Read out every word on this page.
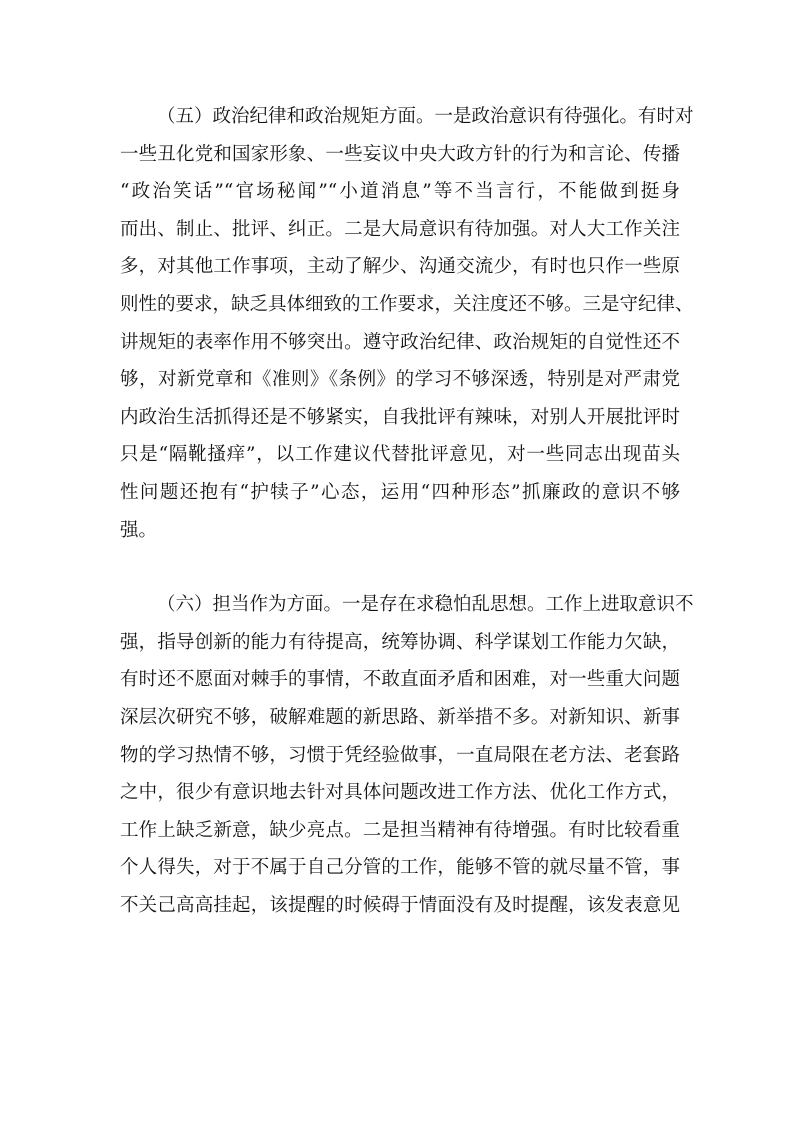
（五）政治纪律和政治规矩方面。一是政治意识有待强化。有时对
一些丑化党和国家形象、一些妄议中央大政方针的行为和言论、传播
“政治笑话”“官场秘闻”“小道消息”等不当言行，不能做到挺身
而出、制止、批评、纠正。二是大局意识有待加强。对人大工作关注
多，对其他工作事项，主动了解少、沟通交流少，有时也只作一些原
则性的要求，缺乏具体细致的工作要求，关注度还不够。三是守纪律、
讲规矩的表率作用不够突出。遵守政治纪律、政治规矩的自觉性还不
够，对新党章和《准则》《条例》的学习不够深透，特别是对严肃党
内政治生活抓得还是不够紧实，自我批评有辣味，对别人开展批评时
只是“隔靴搔痒”，以工作建议代替批评意见，对一些同志出现苗头
性问题还抱有“护犊子”心态，运用“四种形态”抓廉政的意识不够
强。
（六）担当作为方面。一是存在求稳怕乱思想。工作上进取意识不
强，指导创新的能力有待提高，统筹协调、科学谋划工作能力欠缺，
有时还不愿面对棘手的事情，不敢直面矛盾和困难，对一些重大问题
深层次研究不够，破解难题的新思路、新举措不多。对新知识、新事
物的学习热情不够，习惯于凭经验做事，一直局限在老方法、老套路
之中，很少有意识地去针对具体问题改进工作方法、优化工作方式，
工作上缺乏新意，缺少亮点。二是担当精神有待增强。有时比较看重
个人得失，对于不属于自己分管的工作，能够不管的就尽量不管，事
不关己高高挂起，该提醒的时候碍于情面没有及时提醒，该发表意见
